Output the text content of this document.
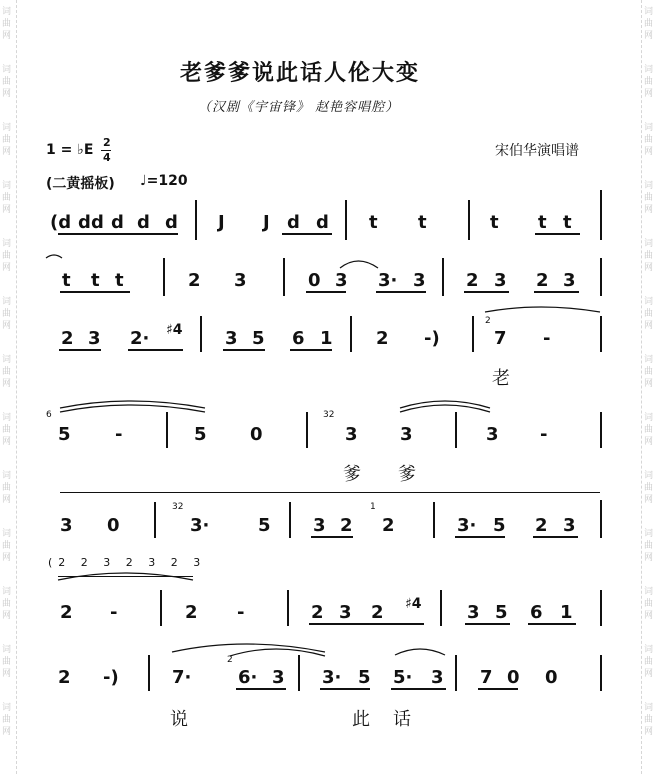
词
曲
网
词
曲
网
词
曲
网
词
曲
网
词
曲
网
词
曲
网
词
曲
网
词
曲
网
词
曲
网
词
曲
网
词
曲
网
词
曲
网
词
曲
网
词
曲
网
词
曲
网
词
曲
网
词
曲
网
词
曲
网
词
曲
网
词
曲
网
词
曲
网
词
曲
网
词
曲
网
词
曲
网
词
曲
网
词
曲
网
老爹爹说此话人伦大变
（汉剧《宇宙锋》 赵艳容唱腔）
1 = ♭E 2
4	宋伯华演唱谱
(二黄摇板) ♩=120
(d d d d d
d	J J d d t t	t t t
t t t	2 3	0 3 3· 3 2 3 2 3
2 3 2· ♯4 3 5 6 1 2 -)
2
7 -
老
6
5 -	5 0
32
3 3	3 -
爹 爹
3 0
32
3·	5 3 2
1
2	3· 5 2 3
(2 2 3 2 3 2 3
2 -	2 -	2 3 2 ♯4	3 5 6 1
2 -)	7·
2
6· 3 3· 5 5· 3 7 0 0
说	此 话
